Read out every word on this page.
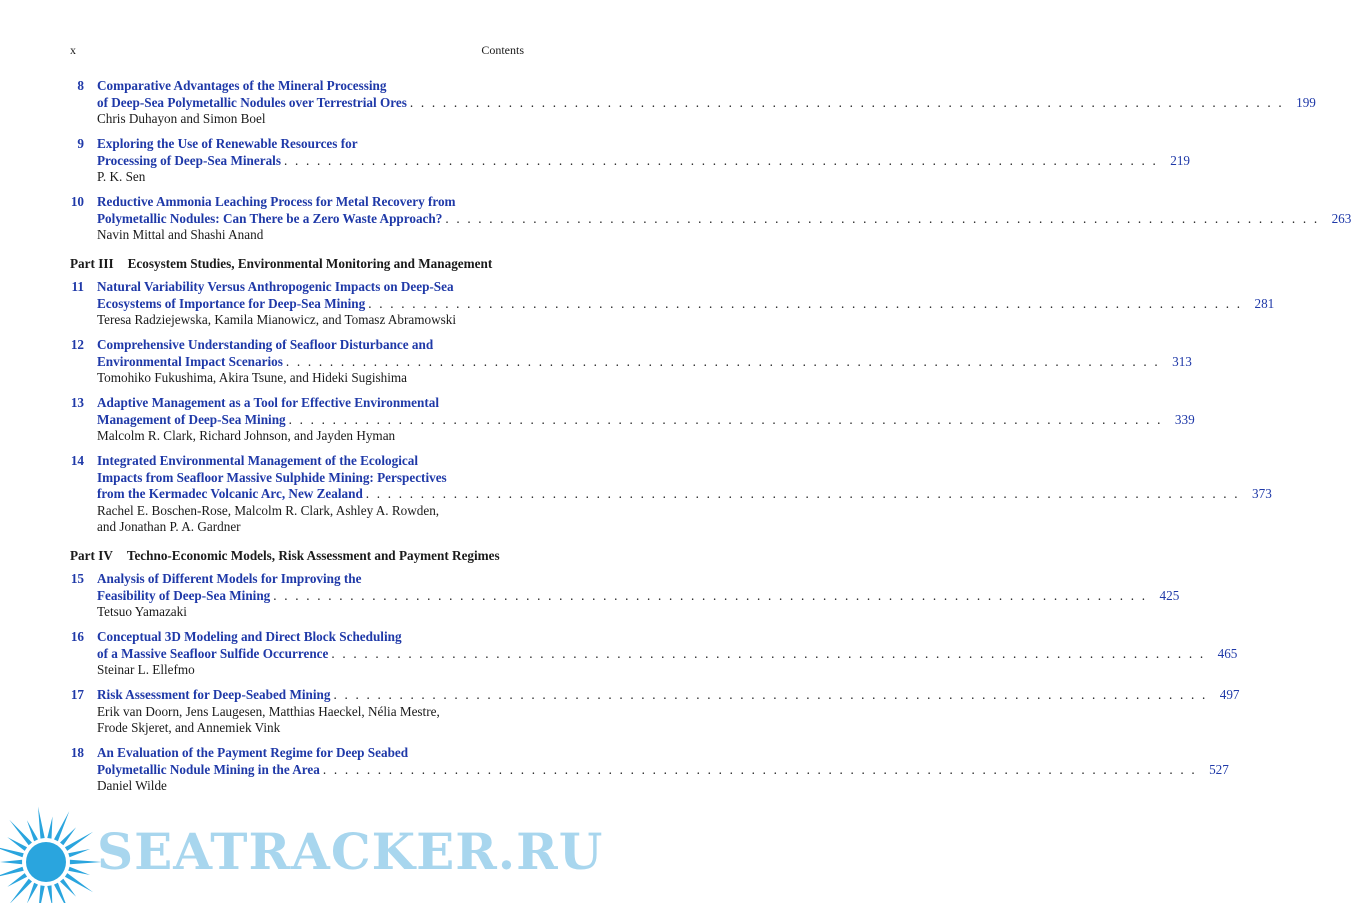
x	Contents
8 Comparative Advantages of the Mineral Processing
of Deep-Sea Polymetallic Nodules over Terrestrial Ores . . . . . . . . . . . . . . . . . . . . . . . . . . . . . . . . . . . . . . . . . . . . . . . . . . . . . . . . . . . . . . . . . . . . . . . . . . . . . . . . 199
Chris Duhayon and Simon Boel
9 Exploring the Use of Renewable Resources for
Processing of Deep-Sea Minerals . . . . . . . . . . . . . . . . . . . . . . . . . . . . . . . . . . . . . . . . . . . . . . . . . . . . . . . . . . . . . . . . . . . . . . . . . . . . . . . . 219
P. K. Sen
10 Reductive Ammonia Leaching Process for Metal Recovery from
Polymetallic Nodules: Can There be a Zero Waste Approach? . . . . . . . . . . . . . . . . . . . . . . . . . . . . . . . . . . . . . . . . . . . . . . . . . . . . . . . . . . . . . . . . . . . . . . . . . . . . . . . . 263
Navin Mittal and Shashi Anand
Part III Ecosystem Studies, Environmental Monitoring and Management
11 Natural Variability Versus Anthropogenic Impacts on Deep-Sea
Ecosystems of Importance for Deep-Sea Mining . . . . . . . . . . . . . . . . . . . . . . . . . . . . . . . . . . . . . . . . . . . . . . . . . . . . . . . . . . . . . . . . . . . . . . . . . . . . . . . . 281
Teresa Radziejewska, Kamila Mianowicz, and Tomasz Abramowski
12 Comprehensive Understanding of Seafloor Disturbance and
Environmental Impact Scenarios . . . . . . . . . . . . . . . . . . . . . . . . . . . . . . . . . . . . . . . . . . . . . . . . . . . . . . . . . . . . . . . . . . . . . . . . . . . . . . . . 313
Tomohiko Fukushima, Akira Tsune, and Hideki Sugishima
13 Adaptive Management as a Tool for Effective Environmental
Management of Deep-Sea Mining . . . . . . . . . . . . . . . . . . . . . . . . . . . . . . . . . . . . . . . . . . . . . . . . . . . . . . . . . . . . . . . . . . . . . . . . . . . . . . . . 339
Malcolm R. Clark, Richard Johnson, and Jayden Hyman
14 Integrated Environmental Management of the Ecological
Impacts from Seafloor Massive Sulphide Mining: Perspectives
from the Kermadec Volcanic Arc, New Zealand . . . . . . . . . . . . . . . . . . . . . . . . . . . . . . . . . . . . . . . . . . . . . . . . . . . . . . . . . . . . . . . . . . . . . . . . . . . . . . . . 373
Rachel E. Boschen-Rose, Malcolm R. Clark, Ashley A. Rowden,
and Jonathan P. A. Gardner
Part IV Techno-Economic Models, Risk Assessment and Payment Regimes
15 Analysis of Different Models for Improving the
Feasibility of Deep-Sea Mining . . . . . . . . . . . . . . . . . . . . . . . . . . . . . . . . . . . . . . . . . . . . . . . . . . . . . . . . . . . . . . . . . . . . . . . . . . . . . . . . 425
Tetsuo Yamazaki
16 Conceptual 3D Modeling and Direct Block Scheduling
of a Massive Seafloor Sulfide Occurrence . . . . . . . . . . . . . . . . . . . . . . . . . . . . . . . . . . . . . . . . . . . . . . . . . . . . . . . . . . . . . . . . . . . . . . . . . . . . . . . . 465
Steinar L. Ellefmo
17 Risk Assessment for Deep-Seabed Mining . . . . . . . . . . . . . . . . . . . . . . . . . . . . . . . . . . . . . . . . . . . . . . . . . . . . . . . . . . . . . . . . . . . . . . . . . . . . . . . . 497
Erik van Doorn, Jens Laugesen, Matthias Haeckel, Nélia Mestre,
Frode Skjeret, and Annemiek Vink
18 An Evaluation of the Payment Regime for Deep Seabed
Polymetallic Nodule Mining in the Area . . . . . . . . . . . . . . . . . . . . . . . . . . . . . . . . . . . . . . . . . . . . . . . . . . . . . . . . . . . . . . . . . . . . . . . . . . . . . . . . 527
Daniel Wilde
SEATRACKER.RU
